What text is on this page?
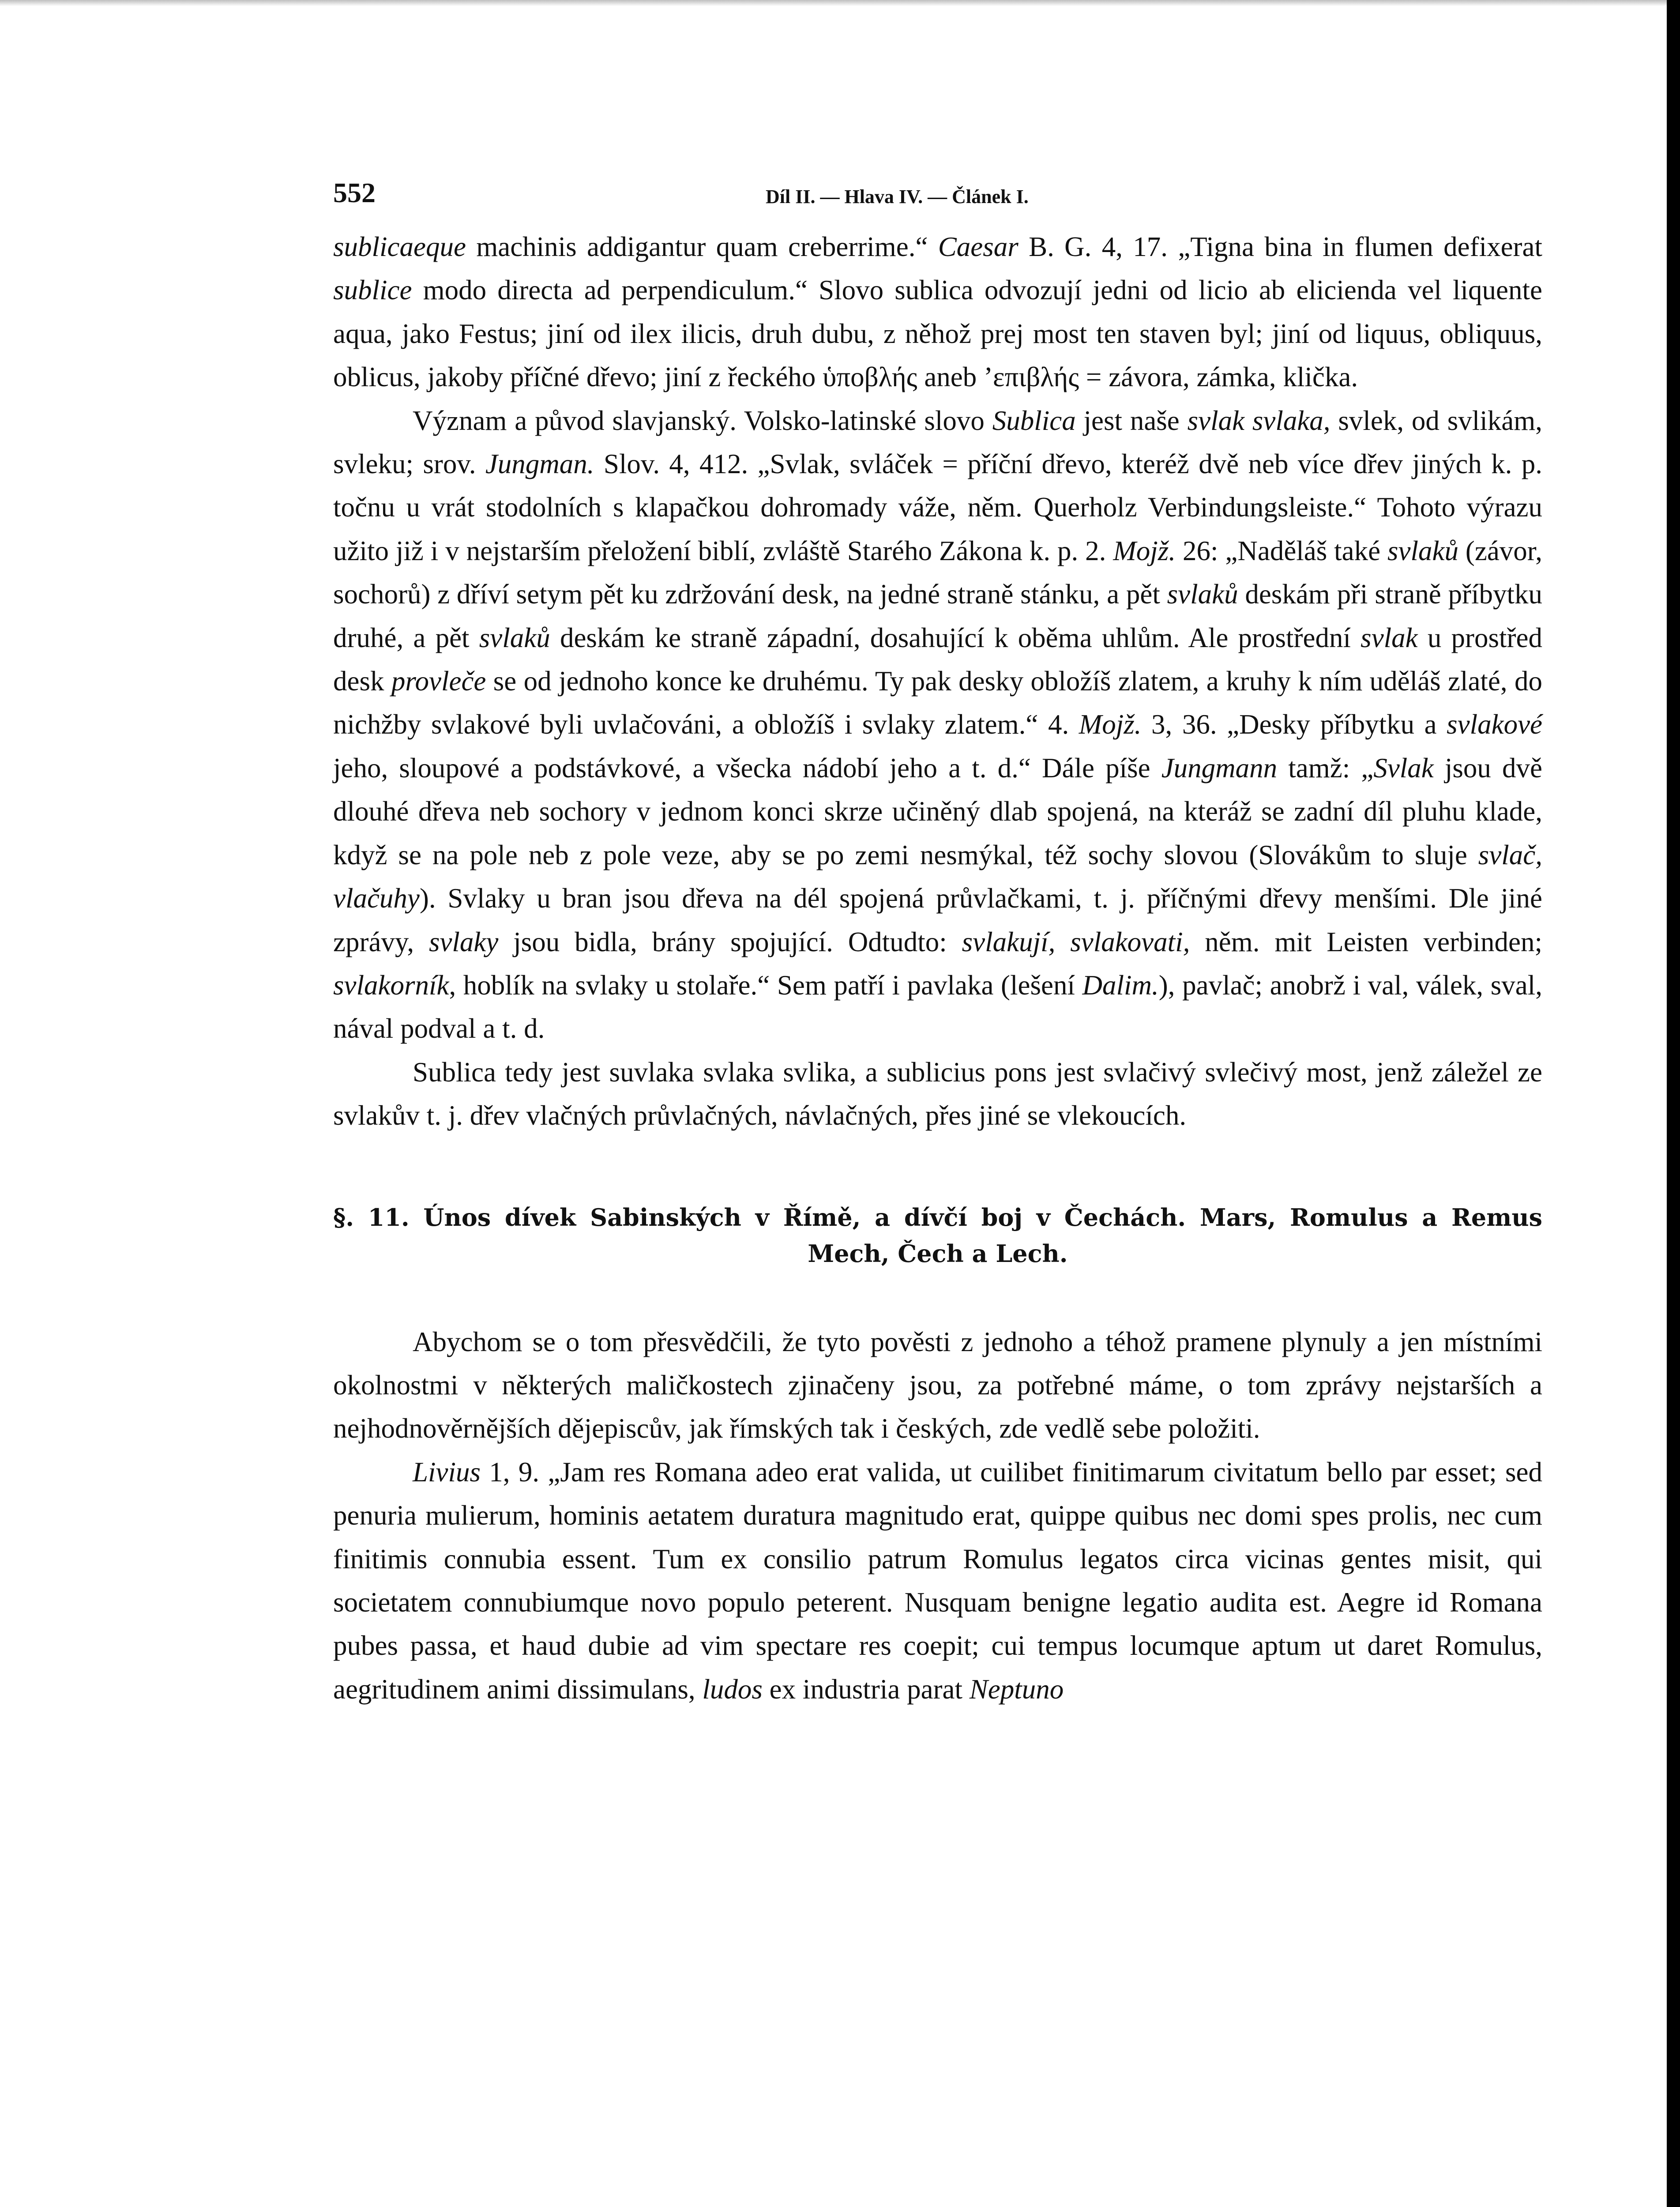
552	Díl II. — Hlava IV. — Článek I.

sublicaeque machinis addigantur quam creberrime.“ Caesar B. G. 4, 17. „Tigna bina in flumen defixerat sublice modo directa ad perpendiculum.“ Slovo sublica odvozují jedni od licio ab elicienda vel liquente aqua, jako Festus; jiní od ilex ilicis, druh dubu, z něhož prej most ten staven byl; jiní od liquus, obliquus, oblicus, jakoby příčné dřevo; jiní z řeckého ὑποβλής aneb ’επιβλής = závora, zámka, klička.

Význam a původ slavjanský. Volsko-latinské slovo Sublica jest naše svlak svlaka, svlek, od svlikám, svleku; srov. Jungman. Slov. 4, 412. „Svlak, svláček = příční dřevo, kteréž dvě neb více dřev jiných k. p. točnu u vrát stodolních s klapačkou dohromady váže, něm. Querholz Verbindungsleiste.“ Tohoto výrazu užito již i v nejstarším přeložení biblí, zvláště Starého Zákona k. p. 2. Mojž. 26: „Naděláš také svlaků (závor, sochorů) z dříví setym pět ku zdržování desk, na jedné straně stánku, a pět svlaků deskám při straně příbytku druhé, a pět svlaků deskám ke straně západní, dosahující k oběma uhlům. Ale prostřední svlak u prostřed desk provleče se od jednoho konce ke druhému. Ty pak desky obložíš zlatem, a kruhy k ním uděláš zlaté, do nichžby svlakové byli uvlačováni, a obložíš i svlaky zlatem.“ 4. Mojž. 3, 36. „Desky příbytku a svlakové jeho, sloupové a podstávkové, a všecka nádobí jeho a t. d.“ Dále píše Jungmann tamž: „Svlak jsou dvě dlouhé dřeva neb sochory v jednom konci skrze učiněný dlab spojená, na kteráž se zadní díl pluhu klade, když se na pole neb z pole veze, aby se po zemi nesmýkal, též sochy slovou (Slovákům to sluje svlač, vlačuhy). Svlaky u bran jsou dřeva na dél spojená průvlačkami, t. j. příčnými dřevy menšími. Dle jiné zprávy, svlaky jsou bidla, brány spojující. Odtudto: svlakují, svlakovati, něm. mit Leisten verbinden; svlakorník, hoblík na svlaky u stolaře.“ Sem patří i pavlaka (lešení Dalim.), pavlač; anobrž i val, válek, sval, nával podval a t. d.

Sublica tedy jest suvlaka svlaka svlika, a sublicius pons jest svlačivý svlečivý most, jenž záležel ze svlakův t. j. dřev vlačných průvlačných, návlačných, přes jiné se vlekoucích.

§. 11. Únos dívek Sabinských v Římě, a dívčí boj v Čechách. Mars, Romulus a Remus Mech, Čech a Lech.

Abychom se o tom přesvědčili, že tyto pověsti z jednoho a téhož pramene plynuly a jen místními okolnostmi v některých maličkostech zjinačeny jsou, za potřebné máme, o tom zprávy nejstarších a nejhodnověrnějších dějepiscův, jak římských tak i českých, zde vedlě sebe položiti.

Livius 1, 9. „Jam res Romana adeo erat valida, ut cuilibet finitimarum civitatum bello par esset; sed penuria mulierum, hominis aetatem duratura magnitudo erat, quippe quibus nec domi spes prolis, nec cum finitimis connubia essent. Tum ex consilio patrum Romulus legatos circa vicinas gentes misit, qui societatem connubiumque novo populo peterent. Nusquam benigne legatio audita est. Aegre id Romana pubes passa, et haud dubie ad vim spectare res coepit; cui tempus locumque aptum ut daret Romulus, aegritudinem animi dissimulans, ludos ex industria parat Neptuno
